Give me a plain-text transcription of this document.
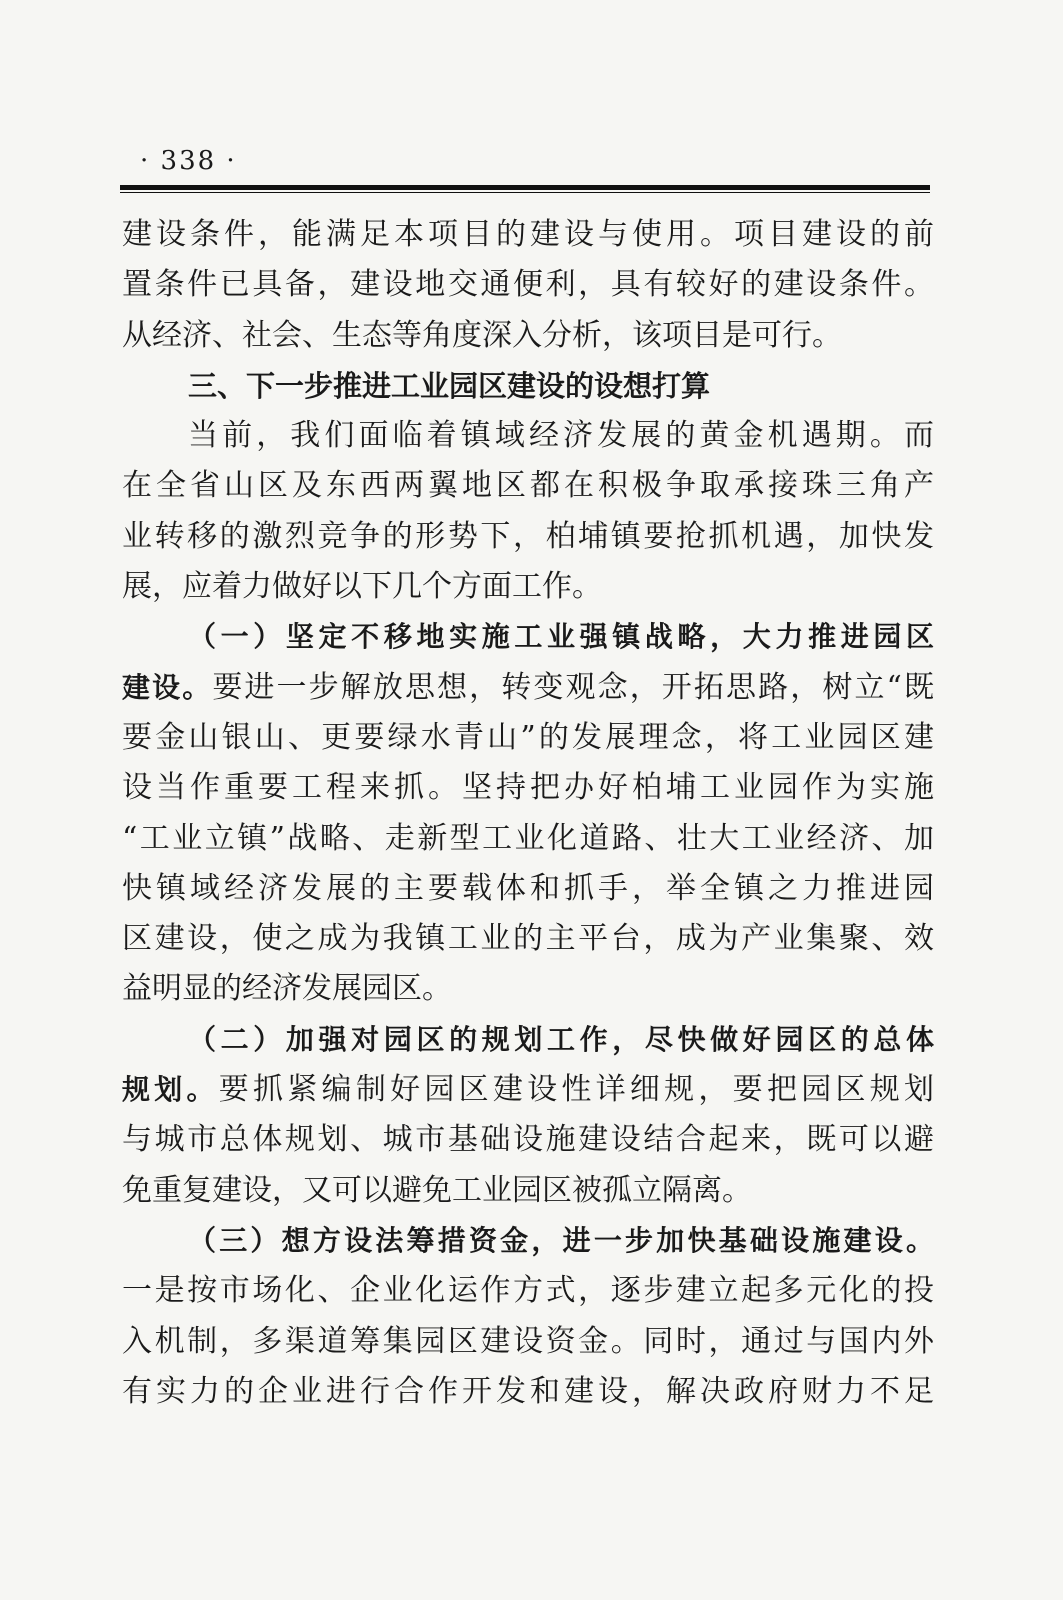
· 338 ·
建设条件，能满足本项目的建设与使用。项目建设的前
置条件已具备，建设地交通便利，具有较好的建设条件。
从经济、社会、生态等角度深入分析，该项目是可行。
三、下一步推进工业园区建设的设想打算
当前，我们面临着镇域经济发展的黄金机遇期。而
在全省山区及东西两翼地区都在积极争取承接珠三角产
业转移的激烈竞争的形势下，柏埔镇要抢抓机遇，加快发
展，应着力做好以下几个方面工作。
（一）坚定不移地实施工业强镇战略，大力推进园区
建设。要进一步解放思想，转变观念，开拓思路，树立“既
要金山银山、更要绿水青山”的发展理念，将工业园区建
设当作重要工程来抓。坚持把办好柏埔工业园作为实施
“工业立镇”战略、走新型工业化道路、壮大工业经济、加
快镇域经济发展的主要载体和抓手，举全镇之力推进园
区建设，使之成为我镇工业的主平台，成为产业集聚、效
益明显的经济发展园区。
（二）加强对园区的规划工作，尽快做好园区的总体
规划。要抓紧编制好园区建设性详细规，要把园区规划
与城市总体规划、城市基础设施建设结合起来，既可以避
免重复建设，又可以避免工业园区被孤立隔离。
（三）想方设法筹措资金，进一步加快基础设施建设。
一是按市场化、企业化运作方式，逐步建立起多元化的投
入机制，多渠道筹集园区建设资金。同时，通过与国内外
有实力的企业进行合作开发和建设，解决政府财力不足
